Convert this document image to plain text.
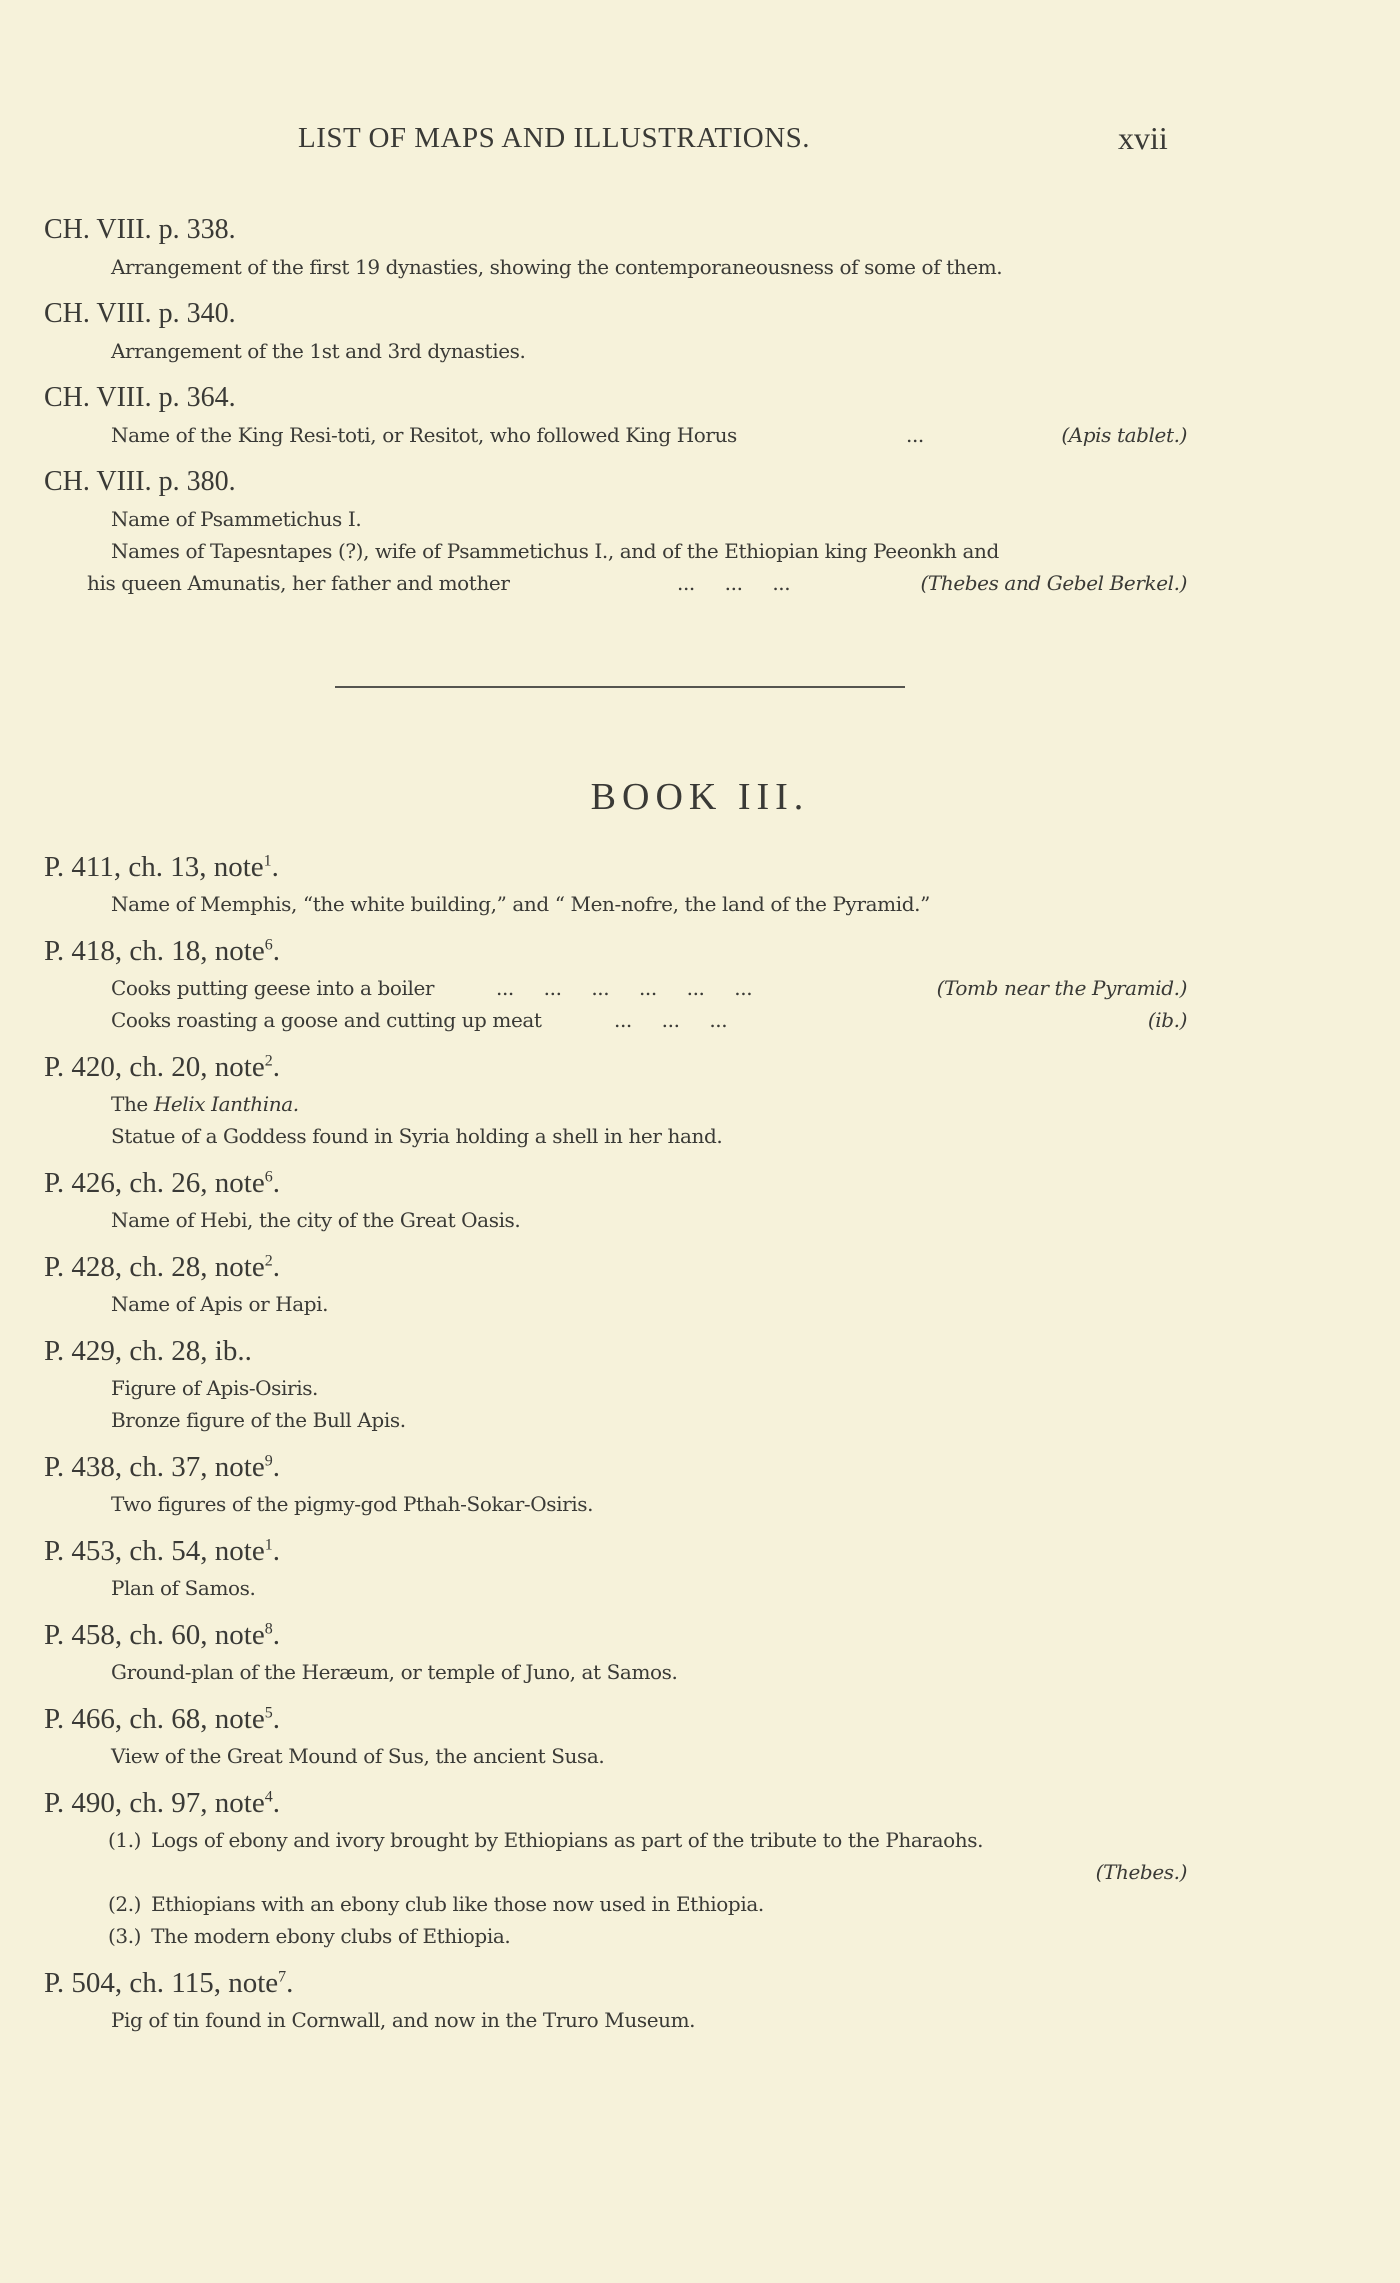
LIST OF MAPS AND ILLUSTRATIONS.	xvii
CH. VIII. p. 338.
Arrangement of the first 19 dynasties, showing the contemporaneousness of some of them.
CH. VIII. p. 340.
Arrangement of the 1st and 3rd dynasties.
CH. VIII. p. 364.
Name of the King Resi-toti, or Resitot, who followed King Horus	...	(Apis tablet.)
CH. VIII. p. 380.
Name of Psammetichus I.
Names of Tapesntapes (?), wife of Psammetichus I., and of the Ethiopian king Peeonkh and
his queen Amunatis, her father and mother	...     ...     ...	(Thebes and Gebel Berkel.)
BOOK III.
P. 411, ch. 13, note$^1$.
Name of Memphis, “the white building,” and “ Men-nofre, the land of the Pyramid.”
P. 418, ch. 18, note$^6$.
Cooks putting geese into a boiler	...     ...     ...     ...     ...     ...	(Tomb near the Pyramid.)
Cooks roasting a goose and cutting up meat	...     ...     ...	(ib.)
P. 420, ch. 20, note$^2$.
The Helix Ianthina.
Statue of a Goddess found in Syria holding a shell in her hand.
P. 426, ch. 26, note$^6$.
Name of Hebi, the city of the Great Oasis.
P. 428, ch. 28, note$^2$.
Name of Apis or Hapi.
P. 429, ch. 28, ib..
Figure of Apis-Osiris.
Bronze figure of the Bull Apis.
P. 438, ch. 37, note$^9$.
Two figures of the pigmy-god Pthah-Sokar-Osiris.
P. 453, ch. 54, note$^1$.
Plan of Samos.
P. 458, ch. 60, note$^8$.
Ground-plan of the Heræum, or temple of Juno, at Samos.
P. 466, ch. 68, note$^5$.
View of the Great Mound of Sus, the ancient Susa.
P. 490, ch. 97, note$^4$.
(1.) Logs of ebony and ivory brought by Ethiopians as part of the tribute to the Pharaohs.
(Thebes.)
(2.) Ethiopians with an ebony club like those now used in Ethiopia.
(3.) The modern ebony clubs of Ethiopia.
P. 504, ch. 115, note$^7$.
Pig of tin found in Cornwall, and now in the Truro Museum.
